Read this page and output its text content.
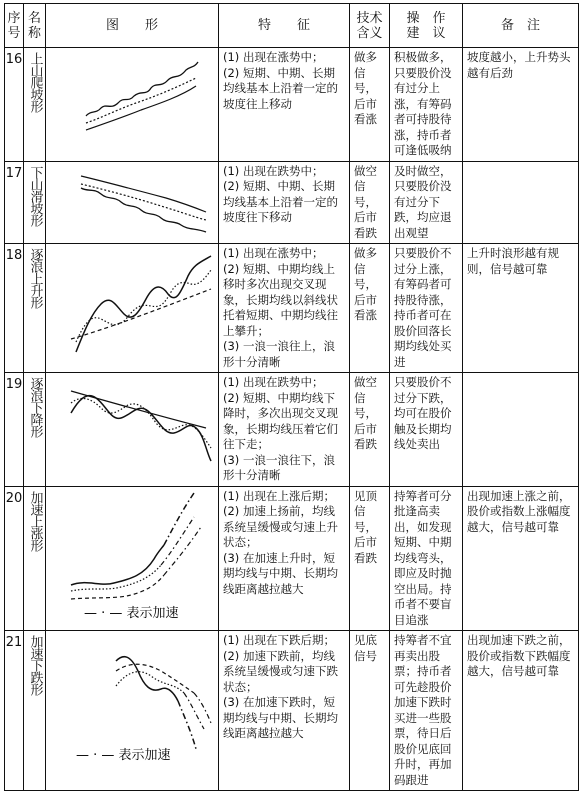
序号	名称	图　　形	特　　征	技术含义	操　作　建　议	备　注
16	上山爬坡形		(1) 出现在涨势中；
(2) 短期、中期、长期均线基本上沿着一定的坡度往上移动	做多信号，后市看涨	积极做多，只要股价没有过分上涨，有筹码者可持股待涨，持币者可逢低吸纳	坡度越小，上升势头越有后劲
17	下山滑坡形		(1) 出现在跌势中；
(2) 短期、中期、长期均线基本上沿着一定的坡度往下移动	做空信号，后市看跌	及时做空，只要股价没有过分下跌，均应退出观望	
18	逐浪上升形		(1) 出现在涨势中；
(2) 短期、中期均线上移时多次出现交叉现象，长期均线以斜线状托着短期、中期均线往上攀升；
(3) 一浪一浪往上，浪形十分清晰	做多信号，后市看涨	只要股价不过分上涨，有筹码者可持股待涨，持币者可在股价回落长期均线处买进	上升时浪形越有规则，信号越可靠
19	逐浪下降形		(1) 出现在跌势中；
(2) 短期、中期均线下降时，多次出现交叉现象，长期均线压着它们往下走；
(3) 一浪一浪往下，浪形十分清晰	做空信号，后市看跌	只要股价不过分下跌，均可在股价触及长期均线处卖出	
20	加速上涨形	— · — 表示加速	(1) 出现在上涨后期；
(2) 加速上扬前，均线系统呈缓慢或匀速上升状态；
(3) 在加速上升时，短期均线与中期、长期均线距离越拉越大	见顶信号，后市看跌	持筹者可分批逢高卖出，如发现短期、中期均线弯头，即应及时抛空出局。持币者不要盲目追涨	出现加速上涨之前，股价或指数上涨幅度越大，信号越可靠
21	加速下跌形	— · — 表示加速	(1) 出现在下跌后期；
(2) 加速下跌前，均线系统呈缓慢或匀速下跌状态；
(3) 在加速下跌时，短期均线与中期、长期均线距离越拉越大	见底信号	持筹者不宜再卖出股票；持币者可先趁股价加速下跌时买进一些股票，待日后股价见底回升时，再加码跟进	出现加速下跌之前，股价或指数下跌幅度越大，信号越可靠
